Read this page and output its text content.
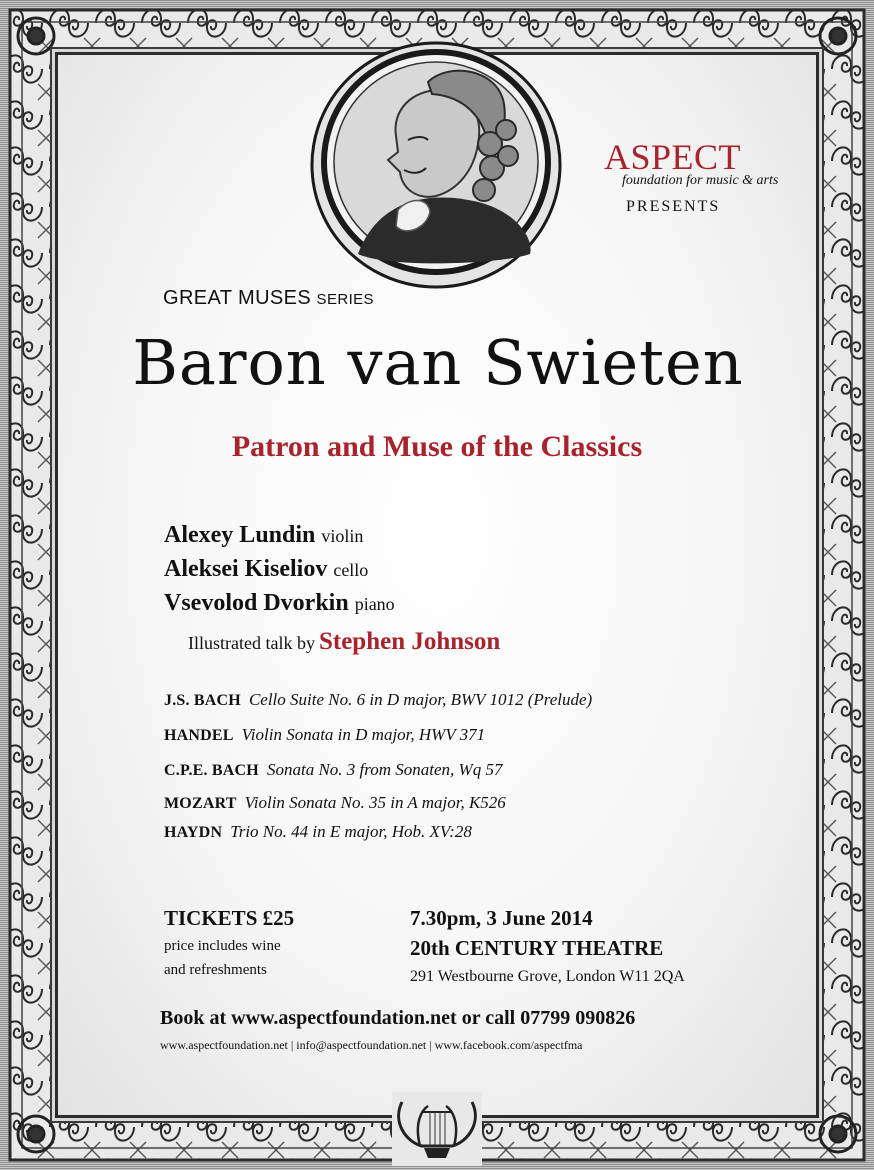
ASPECT
foundation for music & arts
PRESENTS
GREAT MUSES SERIES
Baron van Swieten
Patron and Muse of the Classics
Alexey Lundin violin
Aleksei Kiseliov cello
Vsevolod Dvorkin piano
Illustrated talk by Stephen Johnson
J.S. BACH Cello Suite No. 6 in D major, BWV 1012 (Prelude)
HANDEL Violin Sonata in D major, HWV 371
C.P.E. BACH Sonata No. 3 from Sonaten, Wq 57
MOZART Violin Sonata No. 35 in A major, K526
HAYDN Trio No. 44 in E major, Hob. XV:28
TICKETS £25
price includes wine
and refreshments
7.30pm, 3 June 2014
20th CENTURY THEATRE
291 Westbourne Grove, London W11 2QA
Book at www.aspectfoundation.net or call 07799 090826
www.aspectfoundation.net | info@aspectfoundation.net | www.facebook.com/aspectfma
